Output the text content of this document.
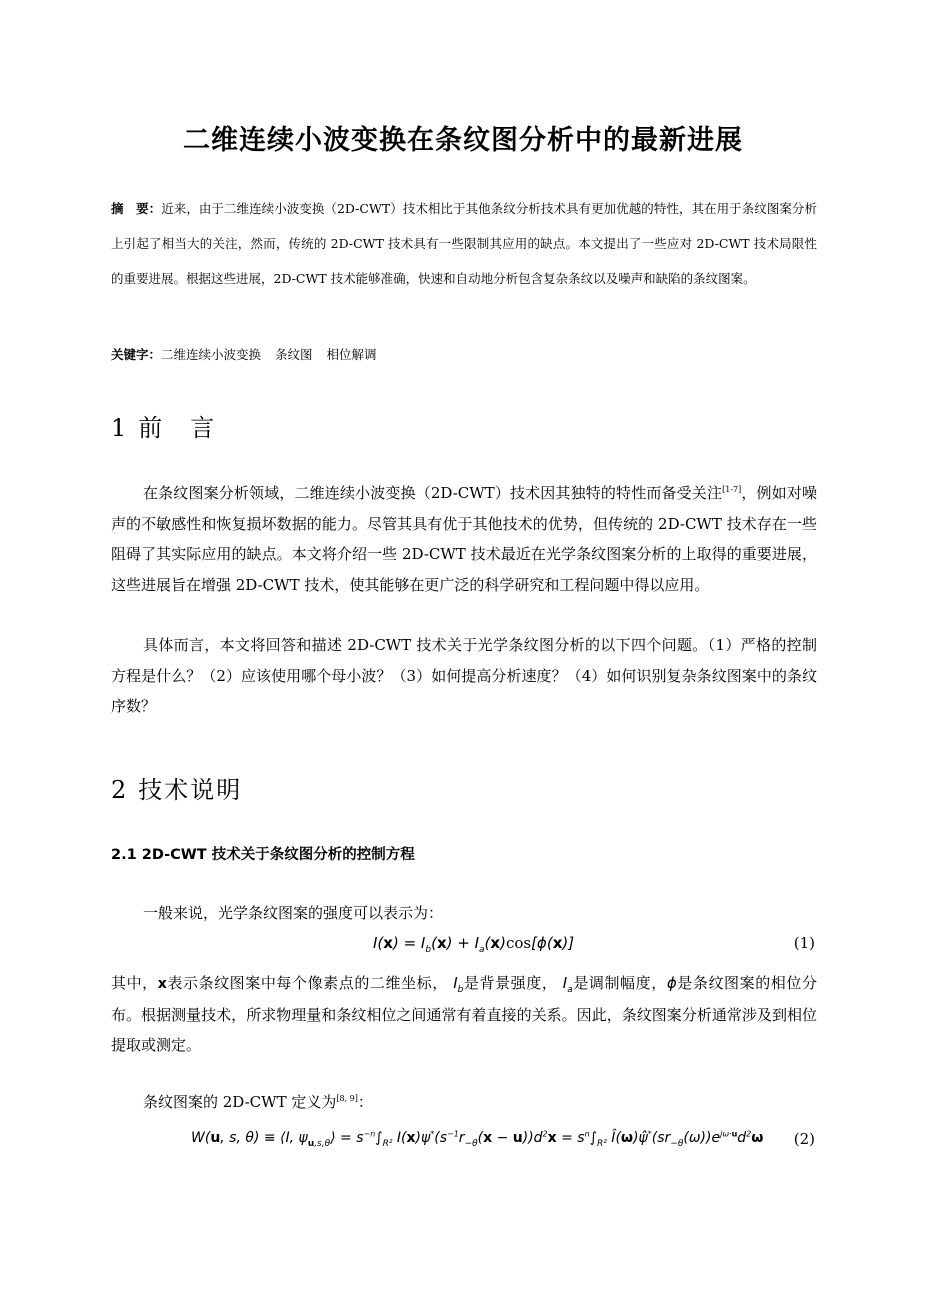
二维连续小波变换在条纹图分析中的最新进展
摘　要：近来，由于二维连续小波变换（2D-CWT）技术相比于其他条纹分析技术具有更加优越的特性，其在用于条纹图案分析上引起了相当大的关注，然而，传统的 2D-CWT 技术具有一些限制其应用的缺点。本文提出了一些应对 2D-CWT 技术局限性的重要进展。根据这些进展，2D-CWT 技术能够准确，快速和自动地分析包含复杂条纹以及噪声和缺陷的条纹图案。
关键字：二维连续小波变换 条纹图 相位解调
1 前　言
在条纹图案分析领域，二维连续小波变换（2D-CWT）技术因其独特的特性而备受关注[1-7]，例如对噪声的不敏感性和恢复损坏数据的能力。尽管其具有优于其他技术的优势，但传统的 2D-CWT 技术存在一些阻碍了其实际应用的缺点。本文将介绍一些 2D-CWT 技术最近在光学条纹图案分析的上取得的重要进展，这些进展旨在增强 2D-CWT 技术，使其能够在更广泛的科学研究和工程问题中得以应用。
具体而言，本文将回答和描述 2D-CWT 技术关于光学条纹图分析的以下四个问题。（1）严格的控制方程是什么？（2）应该使用哪个母小波？（3）如何提高分析速度？（4）如何识别复杂条纹图案中的条纹序数？
2 技术说明
2.1 2D-CWT 技术关于条纹图分析的控制方程
一般来说，光学条纹图案的强度可以表示为：
$I(x) = I_b(x) + I_a(x)\cos[\phi(x)]$	(1)
其中，x表示条纹图案中每个像素点的二维坐标， $I_b$是背景强度， $I_a$是调制幅度，ϕ是条纹图案的相位分布。根据测量技术，所求物理量和条纹相位之间通常有着直接的关系。因此，条纹图案分析通常涉及到相位提取或测定。
条纹图案的 2D-CWT 定义为[8, 9]：
W(u, s, θ) ≡ ⟨I, $\psi_{u,s,\theta}⟩ = s^{-n}\int_{R^2}$ $I(x)\psi^*(s^{-1}r_{-\theta}(x - u))d^2x = s^n\int_{R^2}$ $Î(\omega)\psî^*(sr_{-\theta}(\omega))e^{j\omega\cdot u}d^2\omega$ (2)
